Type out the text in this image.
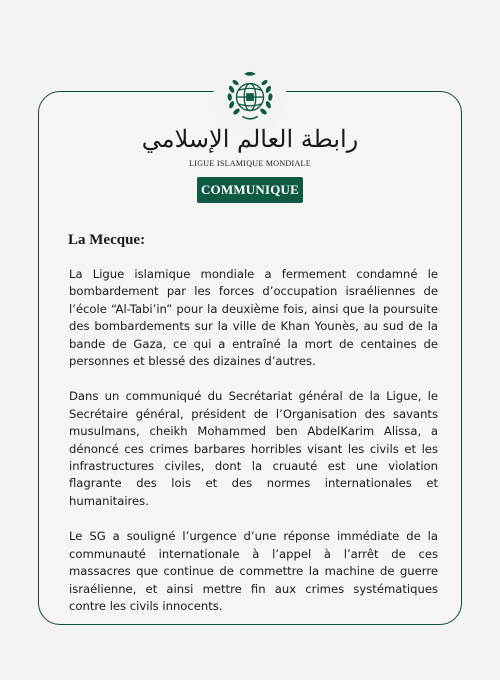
رابطة العالم الإسلامي
LIGUE ISLAMIQUE MONDIALE
COMMUNIQUE
La Mecque:

La Ligue islamique mondiale a fermement condamné le bombardement par les forces d’occupation israéliennes de l’école “Al-Tabi’in” pour la deuxième fois, ainsi que la poursuite des bombardements sur la ville de Khan Younès, au sud de la bande de Gaza, ce qui a entraîné la mort de centaines de personnes et blessé des dizaines d’autres.

Dans un communiqué du Secrétariat général de la Ligue, le Secrétaire général, président de l’Organisation des savants musulmans, cheikh Mohammed ben AbdelKarim Alissa, a dénoncé ces crimes barbares horribles visant les civils et les infrastructures civiles, dont la cruauté est une violation flagrante des lois et des normes internationales et humanitaires.

Le SG a souligné l’urgence d’une réponse immédiate de la communauté internationale à l’appel à l’arrêt de ces massacres que continue de commettre la machine de guerre israélienne, et ainsi mettre fin aux crimes systématiques contre les civils innocents.
